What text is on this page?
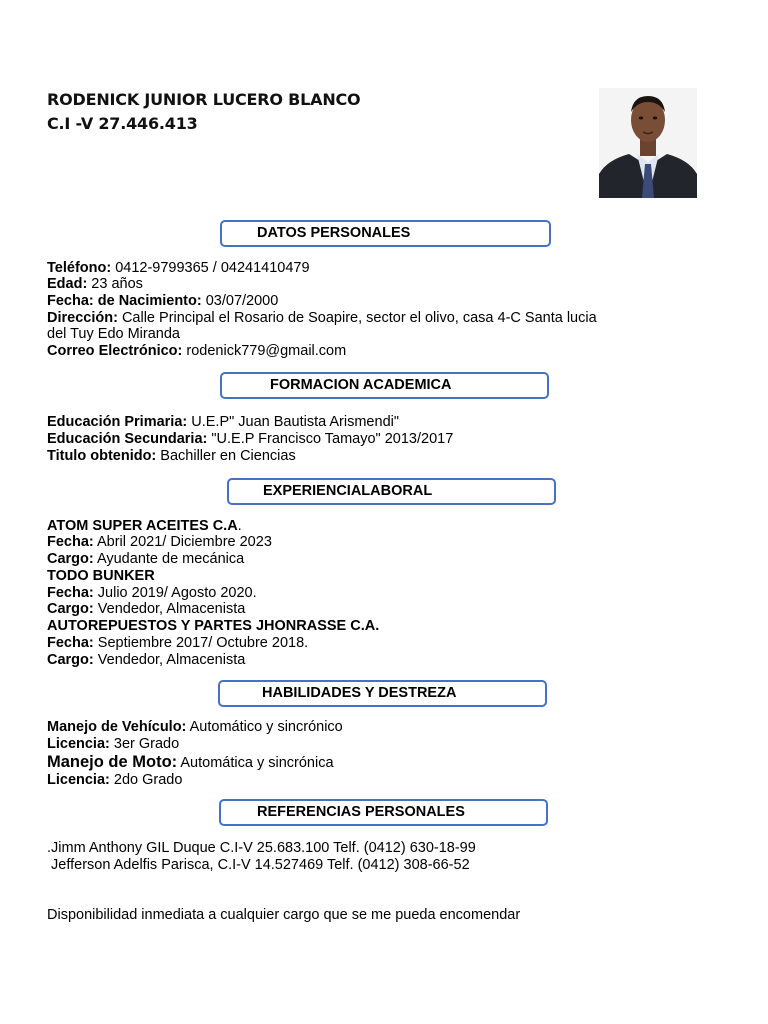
RODENICK JUNIOR LUCERO BLANCO
C.I -V 27.446.413
DATOS PERSONALES
Teléfono: 0412-9799365 / 04241410479
Edad: 23 años
Fecha: de Nacimiento: 03/07/2000
Dirección: Calle Principal el Rosario de Soapire, sector el olivo, casa 4-C Santa lucia
del Tuy Edo Miranda
Correo Electrónico: rodenick779@gmail.com
FORMACION ACADEMICA
Educación Primaria: U.E.P" Juan Bautista Arismendi"
Educación Secundaria: "U.E.P Francisco Tamayo" 2013/2017
Titulo obtenido: Bachiller en Ciencias
EXPERIENCIALABORAL
ATOM SUPER ACEITES C.A.
Fecha: Abril 2021/ Diciembre 2023
Cargo: Ayudante de mecánica
TODO BUNKER
Fecha: Julio 2019/ Agosto 2020.
Cargo: Vendedor, Almacenista
AUTOREPUESTOS Y PARTES JHONRASSE C.A.
Fecha: Septiembre 2017/ Octubre 2018.
Cargo: Vendedor, Almacenista
HABILIDADES Y DESTREZA
Manejo de Vehículo: Automático y sincrónico
Licencia: 3er Grado
Manejo de Moto: Automática y sincrónica
Licencia: 2do Grado
REFERENCIAS PERSONALES
.Jimm Anthony GIL Duque C.I-V 25.683.100 Telf. (0412) 630-18-99
Jefferson Adelfis Parisca, C.I-V 14.527469 Telf. (0412) 308-66-52
Disponibilidad inmediata a cualquier cargo que se me pueda encomendar
